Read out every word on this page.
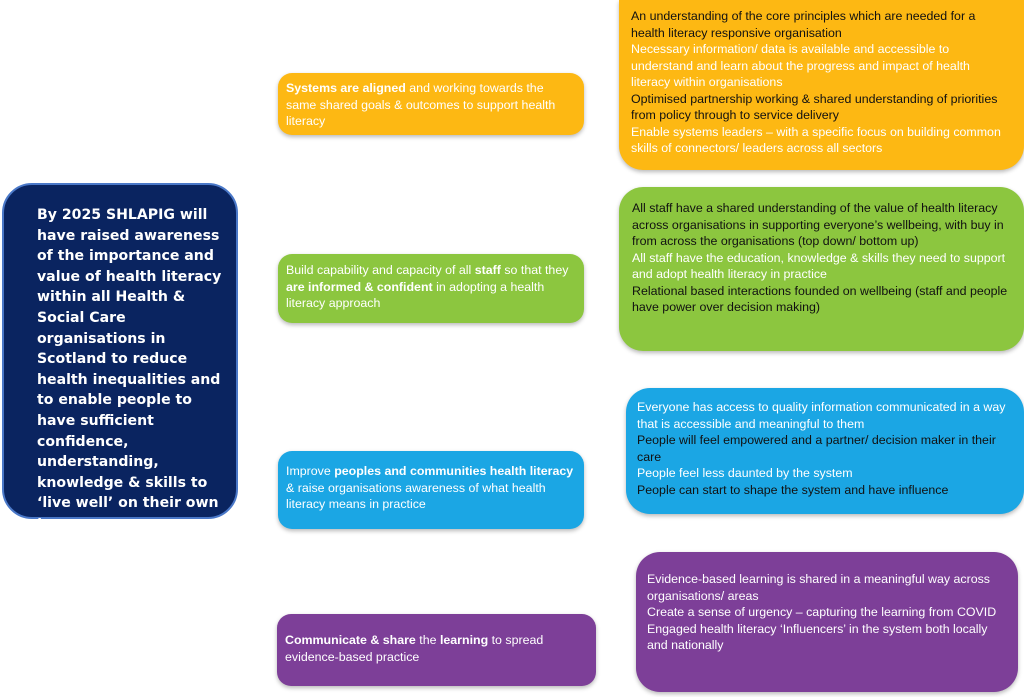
By 2025 SHLAPIG will have raised awareness of the importance and value of health literacy within all Health & Social Care organisations in Scotland to reduce health inequalities and to enable people to have sufficient confidence, understanding, knowledge & skills to ‘live well’ on their own terms

Systems are aligned and working towards the same shared goals & outcomes to support health literacy

Build capability and capacity of all staff so that they are informed & confident in adopting a health literacy approach

Improve peoples and communities health literacy & raise organisations awareness of what health literacy means in practice

Communicate & share the learning to spread evidence-based practice

An understanding of the core principles which are needed for a health literacy responsive organisation

Necessary information/ data is available and accessible to understand and learn about the progress and impact of health literacy within organisations

Optimised partnership working & shared understanding of priorities from policy through to service delivery

Enable systems leaders – with a specific focus on building common skills of connectors/ leaders across all sectors

All staff have a shared understanding of the value of health literacy across organisations in supporting everyone’s wellbeing, with buy in from across the organisations (top down/ bottom up)

All staff have the education, knowledge & skills they need to support and adopt health literacy in practice

Relational based interactions founded on wellbeing (staff and people have power over decision making)

Everyone has access to quality information communicated in a way that is accessible and meaningful to them

People will feel empowered and a partner/ decision maker in their care

People feel less daunted by the system

People can start to shape the system and have influence

Evidence-based learning is shared in a meaningful way across organisations/ areas

Create a sense of urgency – capturing the learning from COVID

Engaged health literacy ‘Influencers’ in the system both locally and nationally
